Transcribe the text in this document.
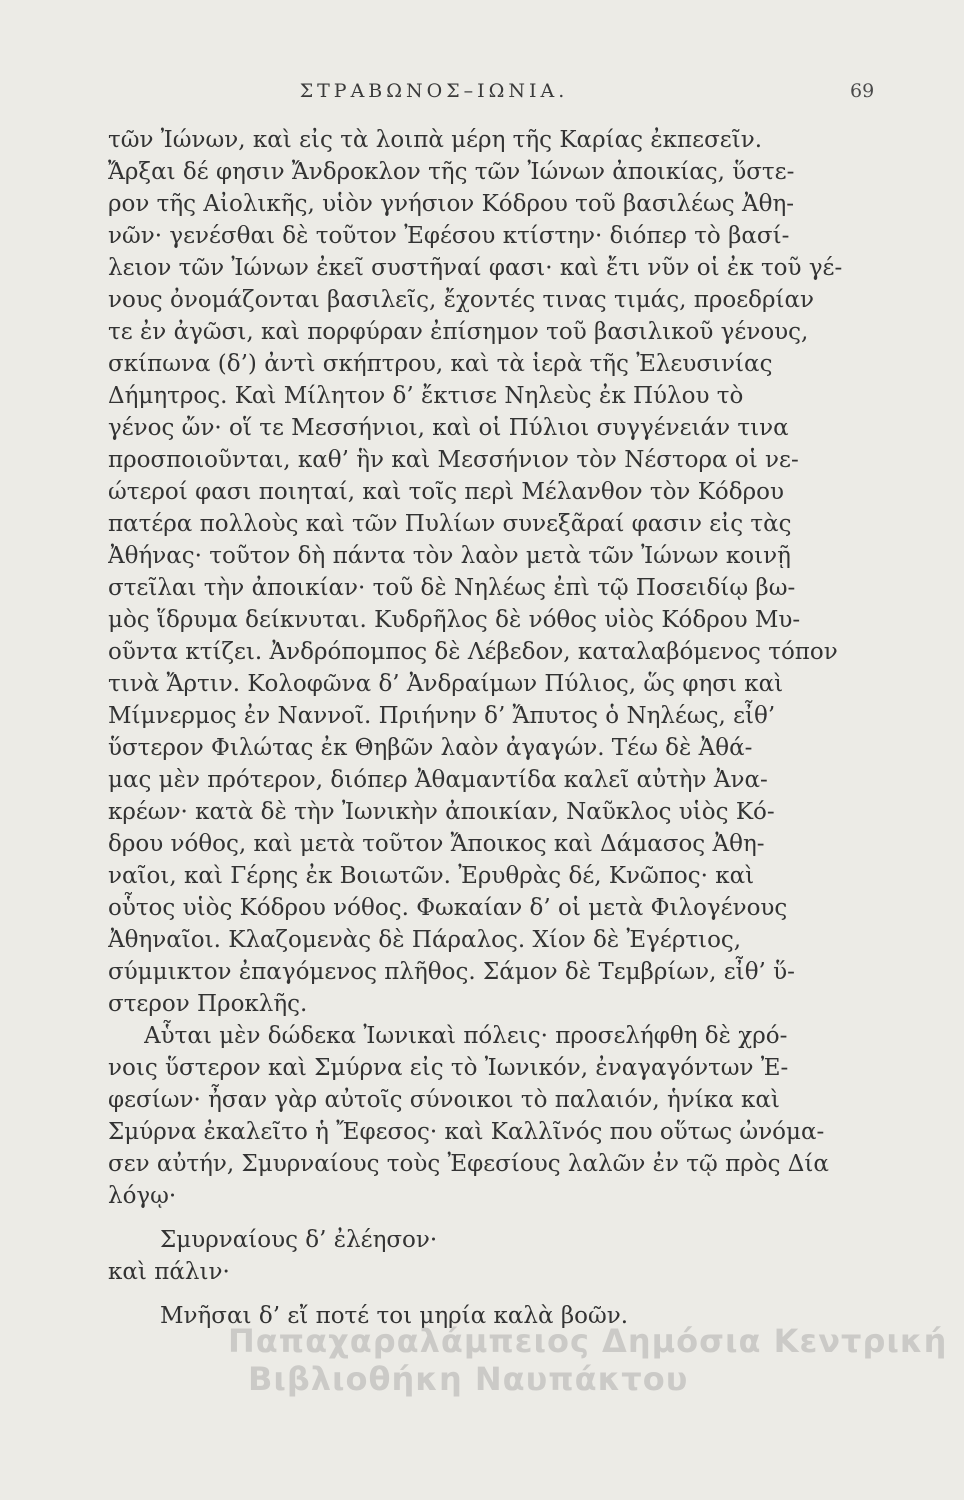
ΣΤΡΑΒΩΝΟΣ–ΙΩΝΙΑ.	69
τῶν Ἰώνων, καὶ εἰς τὰ λοιπὰ μέρη τῆς Καρίας ἐκπεσεῖν.
Ἄρξαι δέ φησιν Ἄνδροκλον τῆς τῶν Ἰώνων ἀποικίας, ὕστε-
ρον τῆς Αἰολικῆς, υἱὸν γνήσιον Κόδρου τοῦ βασιλέως Ἀθη-
νῶν· γενέσθαι δὲ τοῦτον Ἐφέσου κτίστην· διόπερ τὸ βασί-
λειον τῶν Ἰώνων ἐκεῖ συστῆναί φασι· καὶ ἔτι νῦν οἱ ἐκ τοῦ γέ-
νους ὀνομάζονται βασιλεῖς, ἔχοντές τινας τιμάς, προεδρίαν
τε ἐν ἀγῶσι, καὶ πορφύραν ἐπίσημον τοῦ βασιλικοῦ γένους,
σκίπωνα (δ’) ἀντὶ σκήπτρου, καὶ τὰ ἱερὰ τῆς Ἐλευσινίας
Δήμητρος. Καὶ Μίλητον δ’ ἔκτισε Νηλεὺς ἐκ Πύλου τὸ
γένος ὤν· οἵ τε Μεσσήνιοι, καὶ οἱ Πύλιοι συγγένειάν τινα
προσποιοῦνται, καθ’ ἣν καὶ Μεσσήνιον τὸν Νέστορα οἱ νε-
ώτεροί φασι ποιηταί, καὶ τοῖς περὶ Μέλανθον τὸν Κόδρου
πατέρα πολλοὺς καὶ τῶν Πυλίων συνεξᾶραί φασιν εἰς τὰς
Ἀθήνας· τοῦτον δὴ πάντα τὸν λαὸν μετὰ τῶν Ἰώνων κοινῇ
στεῖλαι τὴν ἀποικίαν· τοῦ δὲ Νηλέως ἐπὶ τῷ Ποσειδίῳ βω-
μὸς ἵδρυμα δείκνυται. Κυδρῆλος δὲ νόθος υἱὸς Κόδρου Μυ-
οῦντα κτίζει. Ἀνδρόπομπος δὲ Λέβεδον, καταλαβόμενος τόπον
τινὰ Ἄρτιν. Κολοφῶνα δ’ Ἀνδραίμων Πύλιος, ὥς φησι καὶ
Μίμνερμος ἐν Ναννοῖ. Πριήνην δ’ Ἄπυτος ὁ Νηλέως, εἶθ’
ὕστερον Φιλώτας ἐκ Θηβῶν λαὸν ἀγαγών. Τέω δὲ Ἀθά-
μας μὲν πρότερον, διόπερ Ἀθαμαντίδα καλεῖ αὐτὴν Ἀνα-
κρέων· κατὰ δὲ τὴν Ἰωνικὴν ἀποικίαν, Ναῦκλος υἱὸς Κό-
δρου νόθος, καὶ μετὰ τοῦτον Ἄποικος καὶ Δάμασος Ἀθη-
ναῖοι, καὶ Γέρης ἐκ Βοιωτῶν. Ἐρυθρὰς δέ, Κνῶπος· καὶ
οὗτος υἱὸς Κόδρου νόθος. Φωκαίαν δ’ οἱ μετὰ Φιλογένους
Ἀθηναῖοι. Κλαζομενὰς δὲ Πάραλος. Χίον δὲ Ἐγέρτιος,
σύμμικτον ἐπαγόμενος πλῆθος. Σάμον δὲ Τεμβρίων, εἶθ’ ὕ-
στερον Προκλῆς.
Αὗται μὲν δώδεκα Ἰωνικαὶ πόλεις· προσελήφθη δὲ χρό-
νοις ὕστερον καὶ Σμύρνα εἰς τὸ Ἰωνικόν, ἐναγαγόντων Ἐ-
φεσίων· ἦσαν γὰρ αὐτοῖς σύνοικοι τὸ παλαιόν, ἡνίκα καὶ
Σμύρνα ἐκαλεῖτο ἡ Ἔφεσος· καὶ Καλλῖνός που οὕτως ὠνόμα-
σεν αὐτήν, Σμυρναίους τοὺς Ἐφεσίους λαλῶν ἐν τῷ πρὸς Δία
λόγῳ·
Σμυρναίους δ’ ἐλέησον·
καὶ πάλιν·
Μνῆσαι δ’ εἴ ποτέ τοι μηρία καλὰ βοῶν.
Παπαχαραλάμπειος Δημόσια Κεντρική
Βιβλιοθήκη Ναυπάκτου
